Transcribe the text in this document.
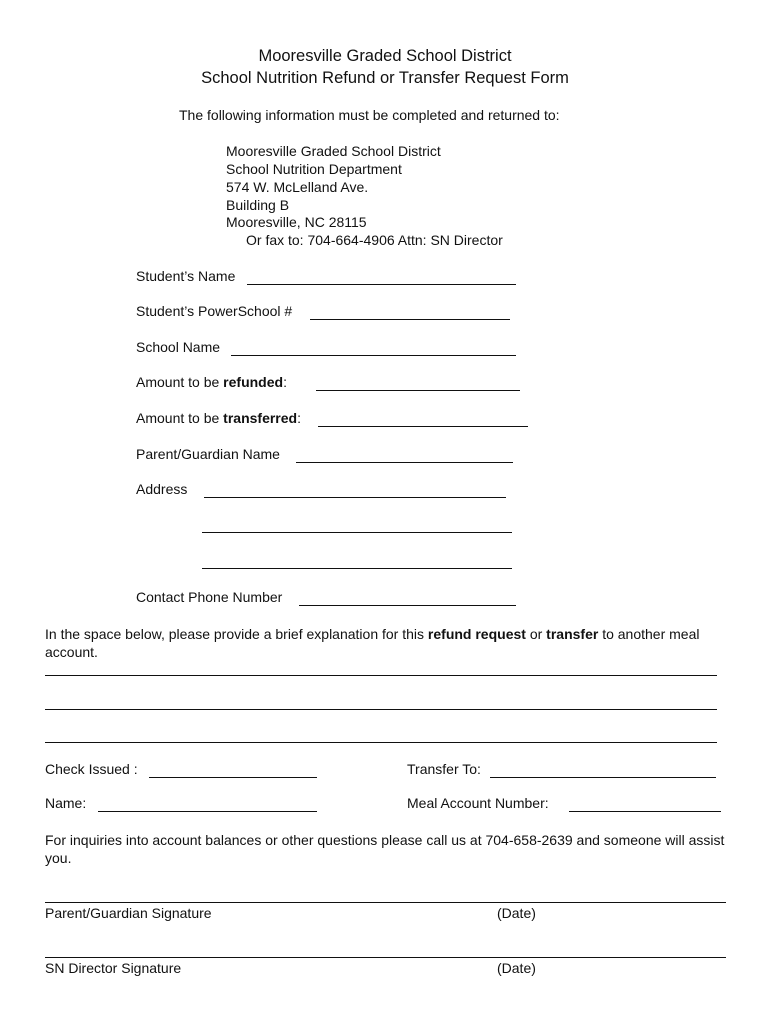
Mooresville Graded School District
School Nutrition Refund or Transfer Request Form
The following information must be completed and returned to:
Mooresville Graded School District
School Nutrition Department
574 W. McLelland Ave.
Building B
Mooresville, NC 28115
Or fax to: 704-664-4906 Attn: SN Director
Student’s Name
Student’s PowerSchool #
School Name
Amount to be refunded:
Amount to be transferred:
Parent/Guardian Name
Address
Contact Phone Number
In the space below, please provide a brief explanation for this refund request or transfer to another meal account.
Check Issued :	Transfer To:
Name:	Meal Account Number:
For inquiries into account balances or other questions please call us at 704-658-2639 and someone will assist you.
Parent/Guardian Signature	(Date)
SN Director Signature	(Date)
